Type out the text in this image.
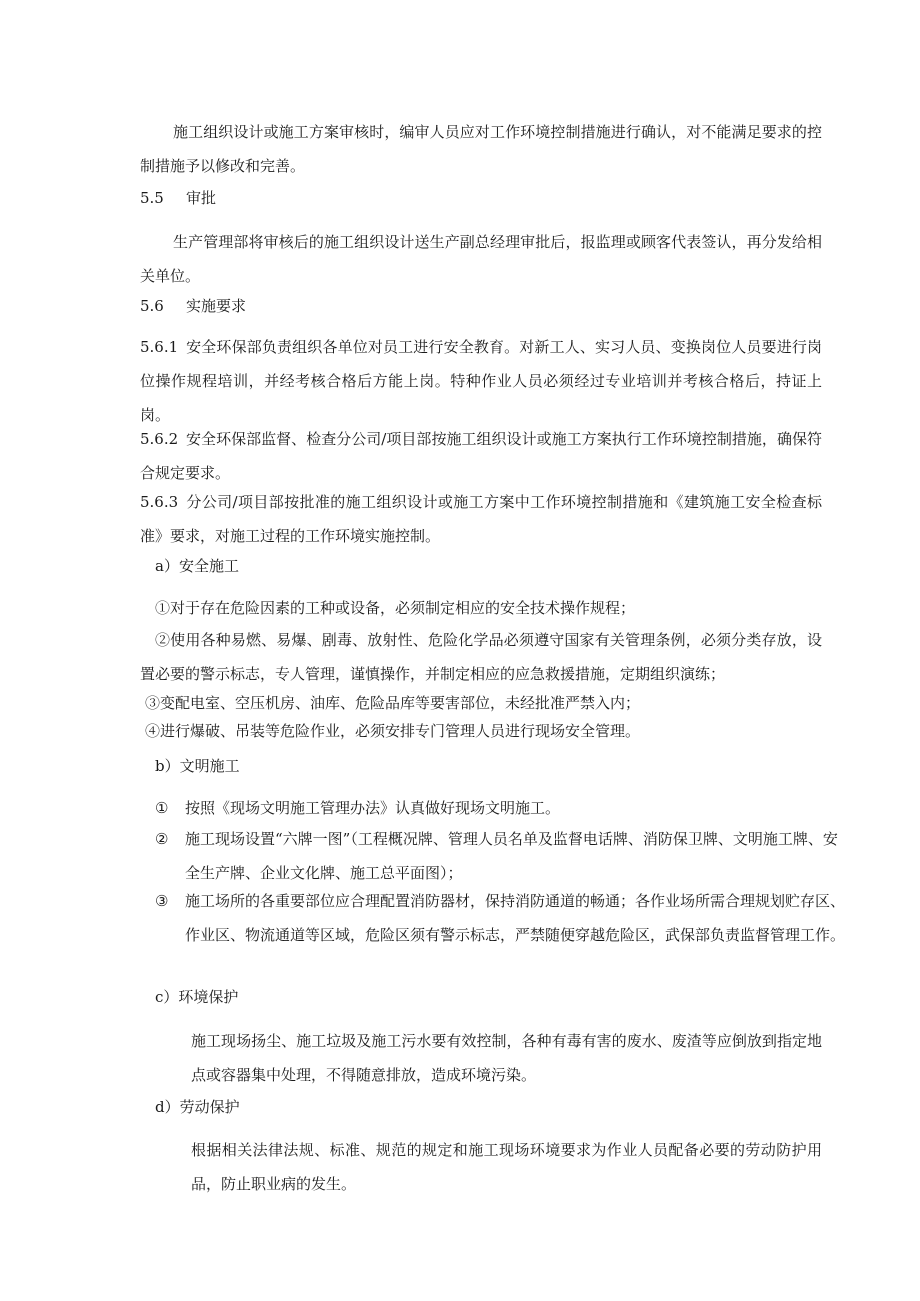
施工组织设计或施工方案审核时，编审人员应对工作环境控制措施进行确认，对不能满足要求的控制措施予以修改和完善。

5.5 审批

生产管理部将审核后的施工组织设计送生产副总经理审批后，报监理或顾客代表签认，再分发给相关单位。

5.6 实施要求

5.6.1 安全环保部负责组织各单位对员工进行安全教育。对新工人、实习人员、变换岗位人员要进行岗位操作规程培训，并经考核合格后方能上岗。特种作业人员必须经过专业培训并考核合格后，持证上岗。

5.6.2 安全环保部监督、检查分公司/项目部按施工组织设计或施工方案执行工作环境控制措施，确保符合规定要求。

5.6.3 分公司/项目部按批准的施工组织设计或施工方案中工作环境控制措施和《建筑施工安全检查标准》要求，对施工过程的工作环境实施控制。

a）安全施工

①对于存在危险因素的工种或设备，必须制定相应的安全技术操作规程；

②使用各种易燃、易爆、剧毒、放射性、危险化学品必须遵守国家有关管理条例，必须分类存放，设置必要的警示标志，专人管理，谨慎操作，并制定相应的应急救援措施，定期组织演练；

③变配电室、空压机房、油库、危险品库等要害部位，未经批准严禁入内；

④进行爆破、吊装等危险作业，必须安排专门管理人员进行现场安全管理。

b）文明施工

① 按照《现场文明施工管理办法》认真做好现场文明施工。

② 施工现场设置“六牌一图”（工程概况牌、管理人员名单及监督电话牌、消防保卫牌、文明施工牌、安全生产牌、企业文化牌、施工总平面图）；

③ 施工场所的各重要部位应合理配置消防器材，保持消防通道的畅通；各作业场所需合理规划贮存区、作业区、物流通道等区域，危险区须有警示标志，严禁随便穿越危险区，武保部负责监督管理工作。

c）环境保护

施工现场扬尘、施工垃圾及施工污水要有效控制，各种有毒有害的废水、废渣等应倒放到指定地点或容器集中处理，不得随意排放，造成环境污染。

d）劳动保护

根据相关法律法规、标准、规范的规定和施工现场环境要求为作业人员配备必要的劳动防护用品，防止职业病的发生。
